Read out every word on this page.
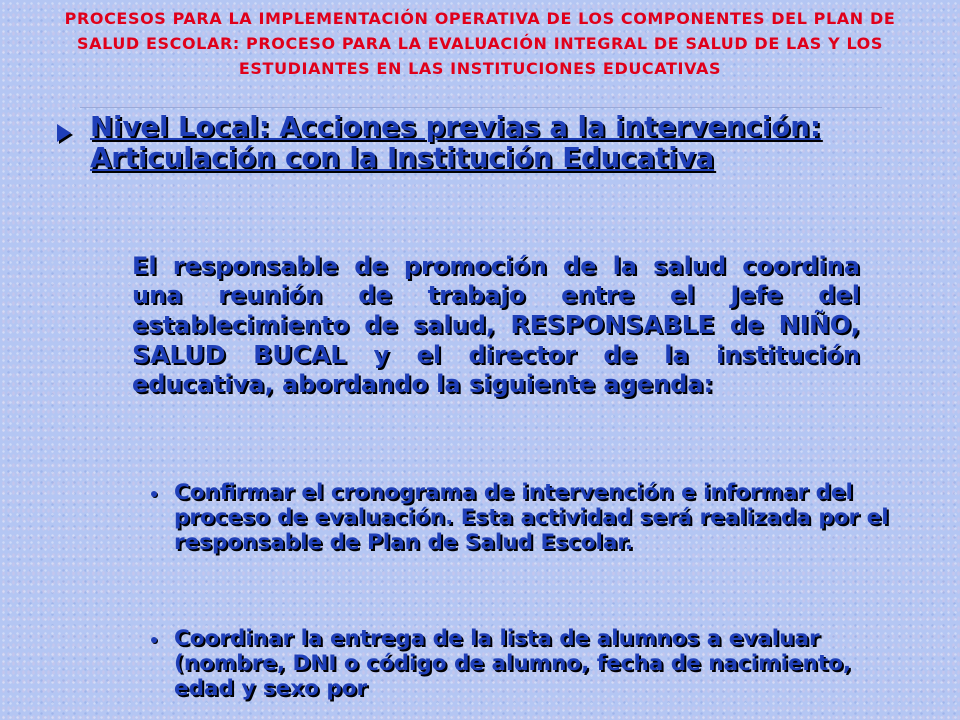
PROCESOS PARA LA IMPLEMENTACIÓN OPERATIVA DE LOS COMPONENTES DEL PLAN DE SALUD ESCOLAR: PROCESO PARA LA EVALUACIÓN INTEGRAL DE SALUD DE LAS Y LOS ESTUDIANTES EN LAS INSTITUCIONES EDUCATIVAS
Nivel Local: Acciones previas a la intervención: Articulación con la Institución Educativa
El responsable de promoción de la salud coordina una reunión de trabajo entre el Jefe del establecimiento de salud, RESPONSABLE de NIÑO, SALUD BUCAL y el director de la institución educativa, abordando la siguiente agenda:
Confirmar el cronograma de intervención e informar del proceso de evaluación. Esta actividad será realizada por el responsable de Plan de Salud Escolar.
Coordinar la entrega de la lista de alumnos a evaluar (nombre, DNI o código de alumno, fecha de nacimiento, edad y sexo por
